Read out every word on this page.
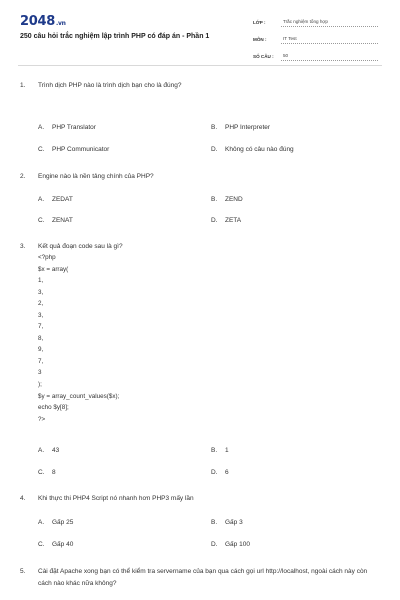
2048.vn
250 câu hỏi trắc nghiệm lập trình PHP có đáp án - Phần 1
LỚP :	Trắc nghiệm tổng hợp
MÔN :	IT Test
SỐ CÂU :	50
1.	Trình dịch PHP nào là trình dịch bạn cho là đúng?
A. PHP Translator	B. PHP Interpreter
C. PHP Communicator	D. Không có câu nào đúng
2.	Engine nào là nền tảng chính của PHP?
A. ZEDAT	B. ZEND
C. ZENAT	D. ZETA
3.	Kết quả đoạn code sau là gì?
<?php
$x = array(
1,
3,
2,
3,
7,
8,
9,
7,
3
);
$y = array_count_values($x);
echo $y[8];
?>
A. 43	B. 1
C. 8	D. 6
4.	Khi thực thi PHP4 Script nó nhanh hơn PHP3 mấy lần
A. Gấp 25	B. Gấp 3
C. Gấp 40	D. Gấp 100
5.	Cài đặt Apache xong bạn có thể kiểm tra servername của bạn qua cách gọi url http://localhost, ngoài cách này còn cách nào khác nữa không?
